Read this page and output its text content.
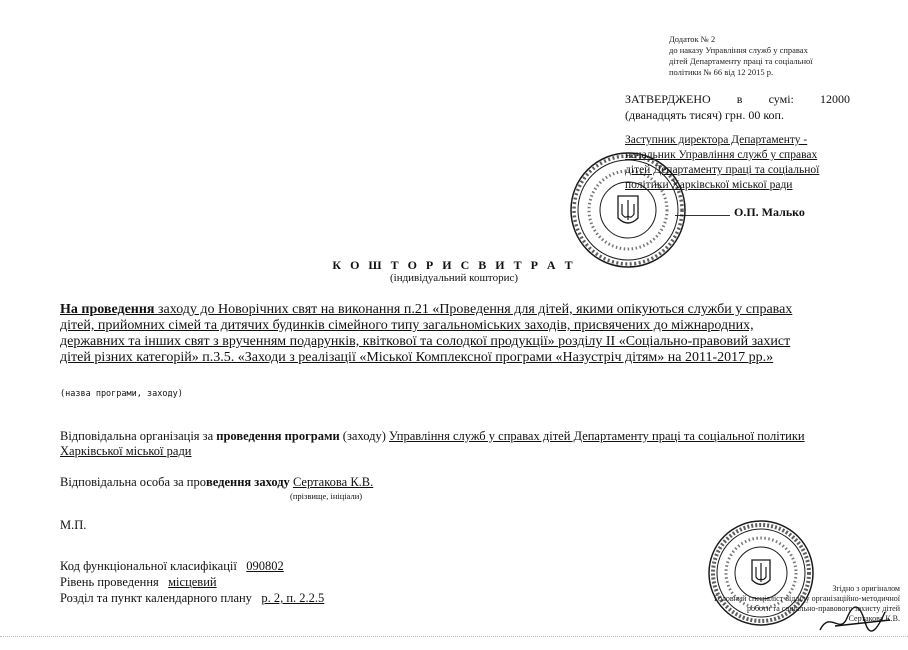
Додаток № 2
до наказу Управління служб у справах
дітей Департаменту праці та соціальної
політики № 66 від 12 2015 р.
ЗАТВЕРДЖЕНО в сумі: 12000
(дванадцять тисяч) грн. 00 коп.
Заступник директора Департаменту -
начальник Управління служб у справах
дітей Департаменту праці та соціальної
політики Харківської міської ради
О.П. Малько
К О Ш Т О Р И С В И Т Р А Т
(індивідуальний кошторис)
На проведення заходу до Новорічних свят на виконання п.21 «Проведення для дітей, якими опікуються служби у справах дітей, прийомних сімей та дитячих будинків сімейного типу загальноміських заходів, присвячених до міжнародних, державних та інших свят з врученням подарунків, квіткової та солодкої продукції» розділу II «Соціально-правовий захист дітей різних категорій» п.3.5. «Заходи з реалізації «Міської Комплексної програми «Назустріч дітям» на 2011-2017 рр.»
(назва програми, заходу)
Відповідальна організація за проведення програми (заходу) Управління служб у справах дітей Департаменту праці та соціальної політики Харківської міської ради
Відповідальна особа за проведення заходу Сертакова К.В.
(прізвище, ініціали)
М.П.
Код функціональної класифікації 090802
Рівень проведення місцевий
Розділ та пункт календарного плану р. 2, п. 2.2.5
Згідно з оригіналом
Головний спеціаліст відділу організаційно-методичної
роботи та соціально-правового захисту дітей
Сертакова К.В.
